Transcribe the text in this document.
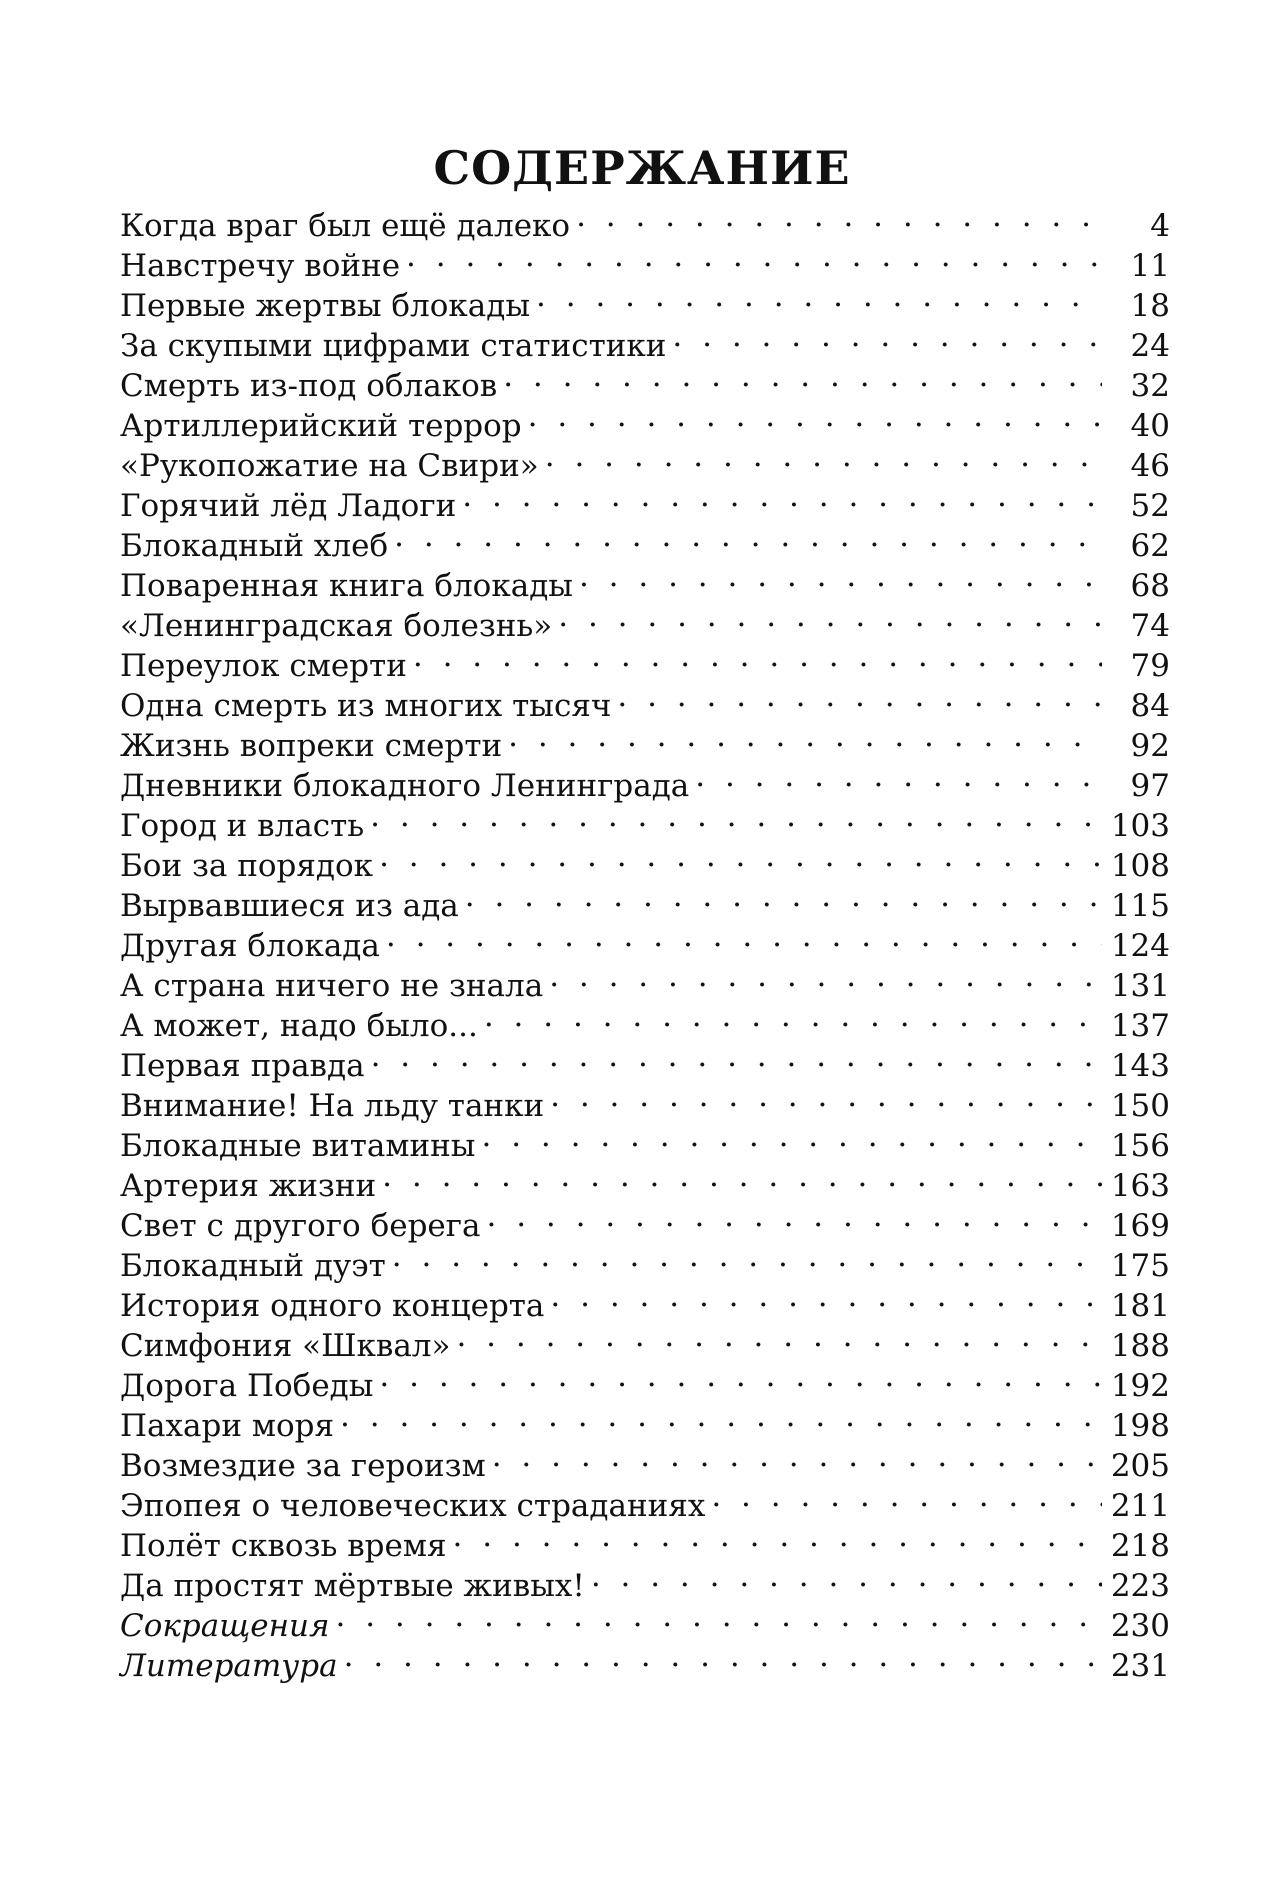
СОДЕРЖАНИЕ
Когда враг был ещё далеко . . .	4
Навстречу войне . . .	11
Первые жертвы блокады . . .	18
За скупыми цифрами статистики . . .	24
Смерть из-под облаков . . .	32
Артиллерийский террор . . .	40
«Рукопожатие на Свири» . . .	46
Горячий лёд Ладоги . . .	52
Блокадный хлеб . . .	62
Поваренная книга блокады . . .	68
«Ленинградская болезнь» . . .	74
Переулок смерти . . .	79
Одна смерть из многих тысяч . . .	84
Жизнь вопреки смерти . . .	92
Дневники блокадного Ленинграда . . .	97
Город и власть . . .	103
Бои за порядок . . .	108
Вырвавшиеся из ада . . .	115
Другая блокада . . .	124
А страна ничего не знала . . .	131
А может, надо было... . . .	137
Первая правда . . .	143
Внимание! На льду танки . . .	150
Блокадные витамины . . .	156
Артерия жизни . . .	163
Свет с другого берега . . .	169
Блокадный дуэт . . .	175
История одного концерта . . .	181
Симфония «Шквал» . . .	188
Дорога Победы . . .	192
Пахари моря . . .	198
Возмездие за героизм . . .	205
Эпопея о человеческих страданиях . . .	211
Полёт сквозь время . . .	218
Да простят мёртвые живых! . . .	223
Сокращения . . .	230
Литература . . .	231
